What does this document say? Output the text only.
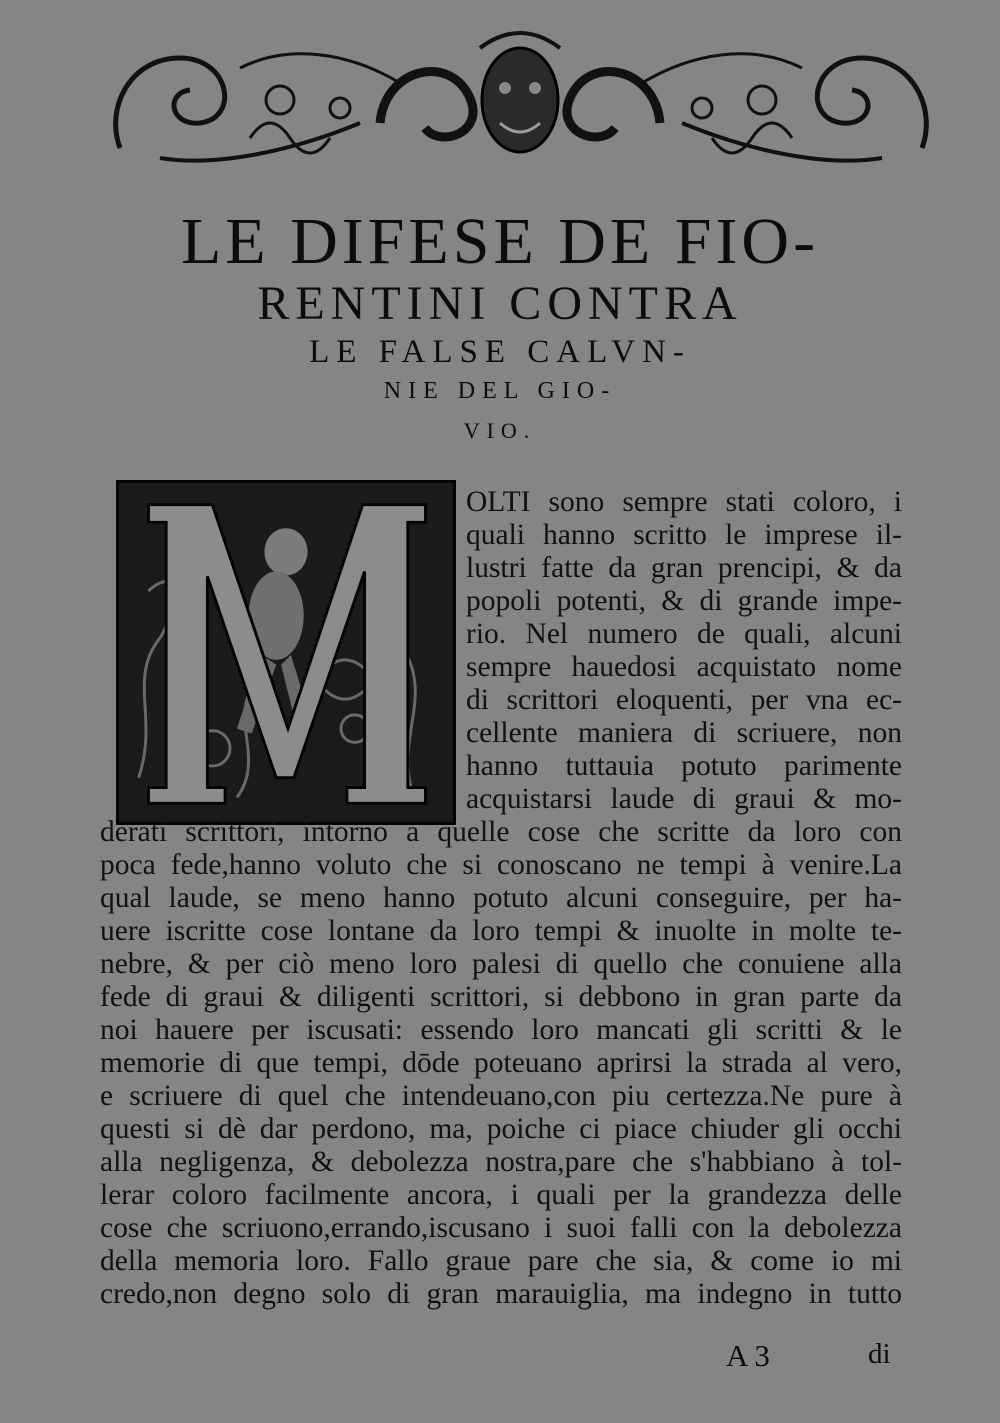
LE DIFESE DE FIO-
RENTINI CONTRA
LE FALSE CALVN-
NIE DEL GIO-
VIO.
OLTI sono sempre stati coloro, i
quali hanno scritto le imprese il-
lustri fatte da gran prencipi, & da
popoli potenti, & di grande impe-
rio. Nel numero de quali, alcuni
sempre hauedosi acquistato nome
di scrittori eloquenti, per vna ec-
cellente maniera di scriuere, non
hanno tuttauia potuto parimente
acquistarsi laude di graui & mo-
derati scrittori, intorno à quelle cose che scritte da loro con
poca fede,hanno voluto che si conoscano ne tempi à venire.La
qual laude, se meno hanno potuto alcuni conseguire, per ha-
uere iscritte cose lontane da loro tempi & inuolte in molte te-
nebre, & per ciò meno loro palesi di quello che conuiene alla
fede di graui & diligenti scrittori, si debbono in gran parte da
noi hauere per iscusati: essendo loro mancati gli scritti & le
memorie di que tempi, dōde poteuano aprirsi la strada al vero,
e scriuere di quel che intendeuano,con piu certezza.Ne pure à
questi si dè dar perdono, ma, poiche ci piace chiuder gli occhi
alla negligenza, & debolezza nostra,pare che s'habbiano à tol-
lerar coloro facilmente ancora, i quali per la grandezza delle
cose che scriuono,errando,iscusano i suoi falli con la debolezza
della memoria loro. Fallo graue pare che sia, & come io mi
credo,non degno solo di gran marauiglia, ma indegno in tutto
A 3	di
